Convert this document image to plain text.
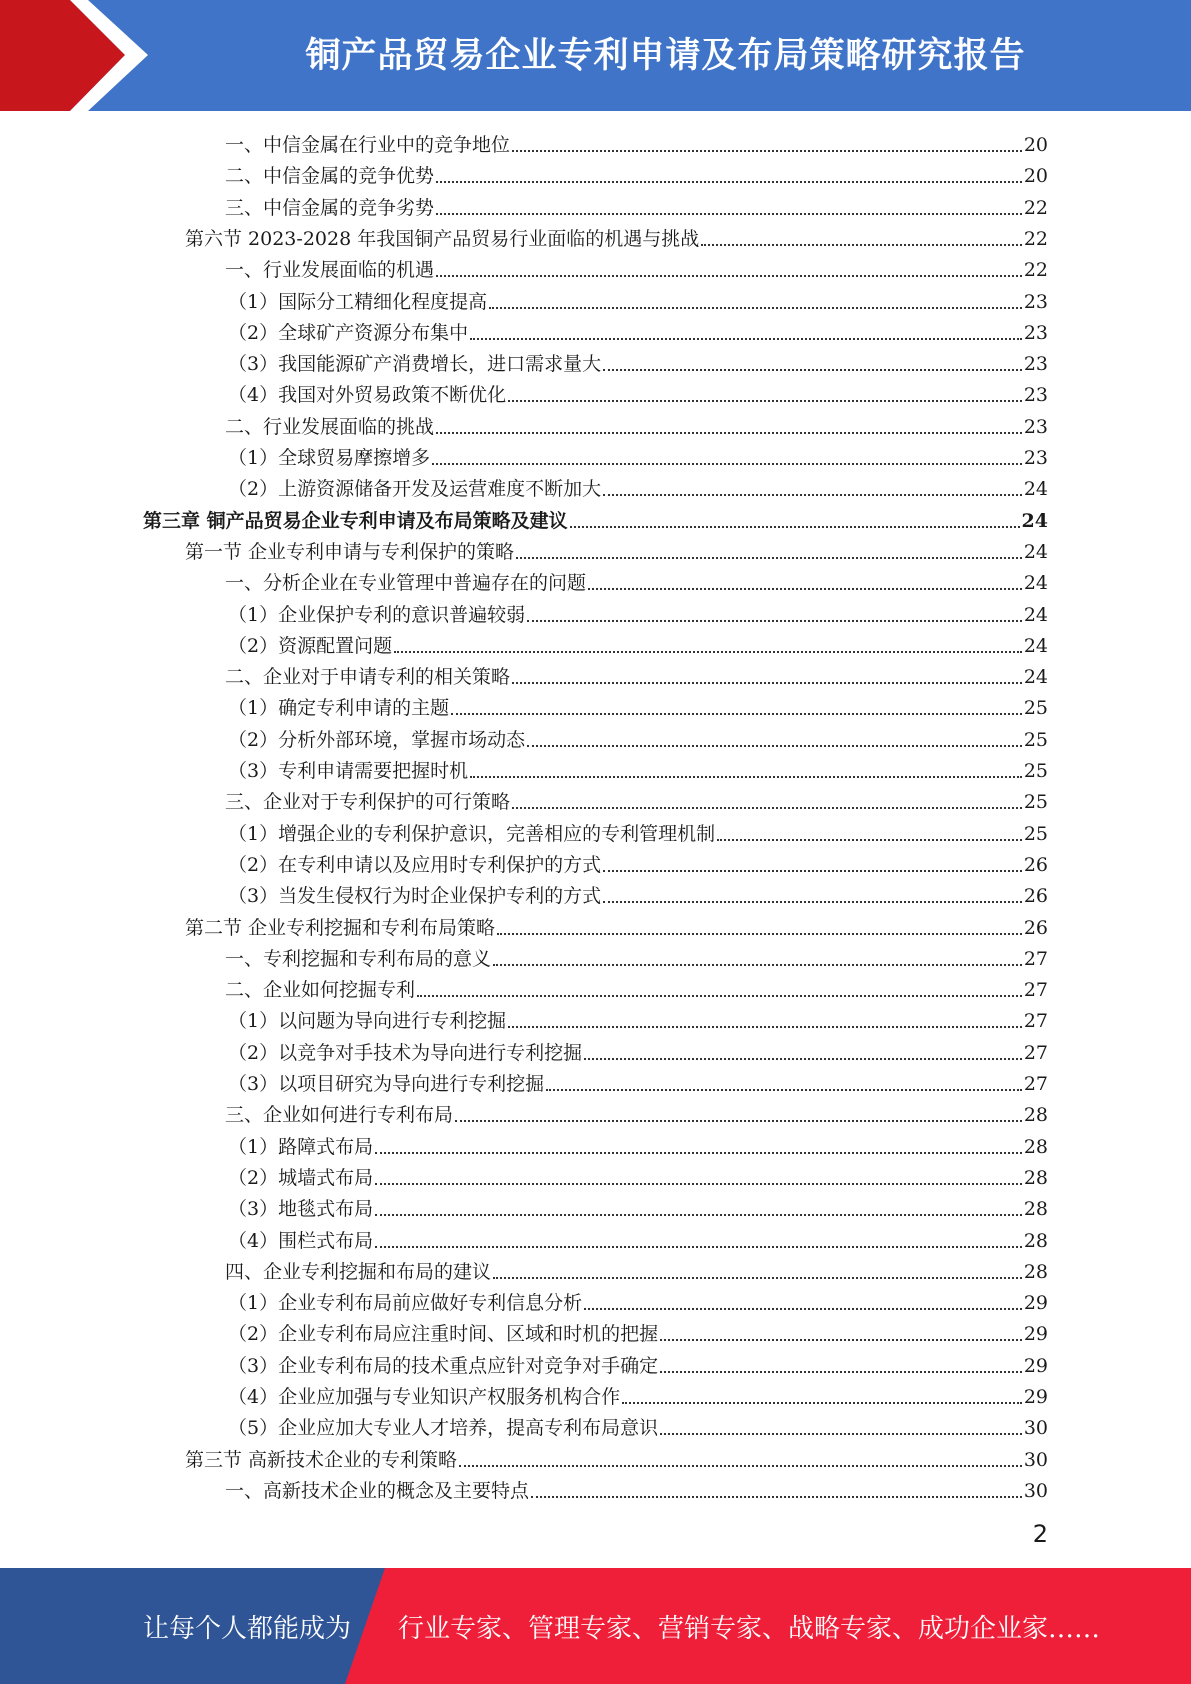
铜产品贸易企业专利申请及布局策略研究报告
一、中信金属在行业中的竞争地位	20
二、中信金属的竞争优势	20
三、中信金属的竞争劣势	22
第六节 2023-2028 年我国铜产品贸易行业面临的机遇与挑战	22
一、行业发展面临的机遇	22
（1）国际分工精细化程度提高	23
（2）全球矿产资源分布集中	23
（3）我国能源矿产消费增长，进口需求量大	23
（4）我国对外贸易政策不断优化	23
二、行业发展面临的挑战	23
（1）全球贸易摩擦增多	23
（2）上游资源储备开发及运营难度不断加大	24
第三章 铜产品贸易企业专利申请及布局策略及建议	24
第一节 企业专利申请与专利保护的策略	24
一、分析企业在专业管理中普遍存在的问题	24
（1）企业保护专利的意识普遍较弱	24
（2）资源配置问题	24
二、企业对于申请专利的相关策略	24
（1）确定专利申请的主题	25
（2）分析外部环境，掌握市场动态	25
（3）专利申请需要把握时机	25
三、企业对于专利保护的可行策略	25
（1）增强企业的专利保护意识，完善相应的专利管理机制	25
（2）在专利申请以及应用时专利保护的方式	26
（3）当发生侵权行为时企业保护专利的方式	26
第二节 企业专利挖掘和专利布局策略	26
一、专利挖掘和专利布局的意义	27
二、企业如何挖掘专利	27
（1）以问题为导向进行专利挖掘	27
（2）以竞争对手技术为导向进行专利挖掘	27
（3）以项目研究为导向进行专利挖掘	27
三、企业如何进行专利布局	28
（1）路障式布局	28
（2）城墙式布局	28
（3）地毯式布局	28
（4）围栏式布局	28
四、企业专利挖掘和布局的建议	28
（1）企业专利布局前应做好专利信息分析	29
（2）企业专利布局应注重时间、区域和时机的把握	29
（3）企业专利布局的技术重点应针对竞争对手确定	29
（4）企业应加强与专业知识产权服务机构合作	29
（5）企业应加大专业人才培养，提高专利布局意识	30
第三节 高新技术企业的专利策略	30
一、高新技术企业的概念及主要特点	30
2
让每个人都能成为 行业专家、管理专家、营销专家、战略专家、成功企业家……
